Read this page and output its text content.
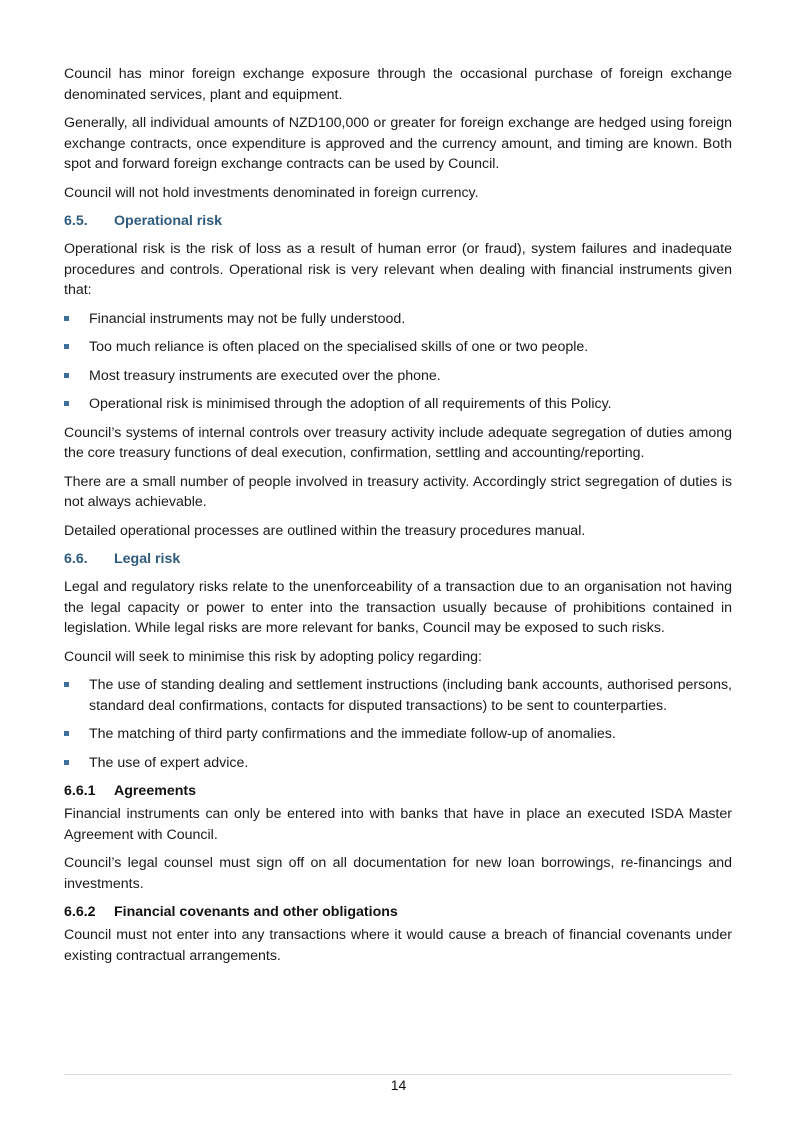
Council has minor foreign exchange exposure through the occasional purchase of foreign exchange denominated services, plant and equipment.

Generally, all individual amounts of NZD100,000 or greater for foreign exchange are hedged using foreign exchange contracts, once expenditure is approved and the currency amount, and timing are known. Both spot and forward foreign exchange contracts can be used by Council.

Council will not hold investments denominated in foreign currency.

6.5. Operational risk

Operational risk is the risk of loss as a result of human error (or fraud), system failures and inadequate procedures and controls. Operational risk is very relevant when dealing with financial instruments given that:

Financial instruments may not be fully understood.
Too much reliance is often placed on the specialised skills of one or two people.
Most treasury instruments are executed over the phone.
Operational risk is minimised through the adoption of all requirements of this Policy.

Council’s systems of internal controls over treasury activity include adequate segregation of duties among the core treasury functions of deal execution, confirmation, settling and accounting/reporting.

There are a small number of people involved in treasury activity. Accordingly strict segregation of duties is not always achievable.

Detailed operational processes are outlined within the treasury procedures manual.

6.6. Legal risk

Legal and regulatory risks relate to the unenforceability of a transaction due to an organisation not having the legal capacity or power to enter into the transaction usually because of prohibitions contained in legislation. While legal risks are more relevant for banks, Council may be exposed to such risks.

Council will seek to minimise this risk by adopting policy regarding:

The use of standing dealing and settlement instructions (including bank accounts, authorised persons, standard deal confirmations, contacts for disputed transactions) to be sent to counterparties.
The matching of third party confirmations and the immediate follow-up of anomalies.
The use of expert advice.
6.6.1 Agreements

Financial instruments can only be entered into with banks that have in place an executed ISDA Master Agreement with Council.

Council’s legal counsel must sign off on all documentation for new loan borrowings, re-financings and investments.

6.6.2 Financial covenants and other obligations

Council must not enter into any transactions where it would cause a breach of financial covenants under existing contractual arrangements.

14
